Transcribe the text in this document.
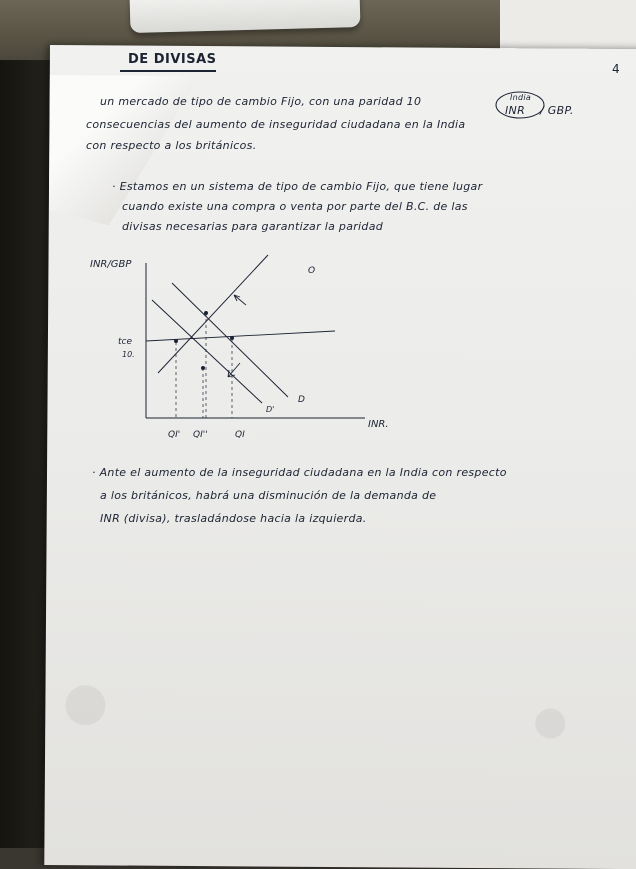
DE DIVISAS
4
un mercado de tipo de cambio Fijo, con una paridad 10	India
INR / GBP.
consecuencias del aumento de inseguridad ciudadana en la India
con respecto a los británicos.
· Estamos en un sistema de tipo de cambio Fijo, que tiene lugar
cuando existe una compra o venta por parte del B.C. de las
divisas necesarias para garantizar la paridad
INR/GBP
INR.
tce
10.
QI' QI''	QI
O
D
D'
· Ante el aumento de la inseguridad ciudadana en la India con respecto
a los británicos, habrá una disminución de la demanda de
INR (divisa), trasladándose hacia la izquierda.
